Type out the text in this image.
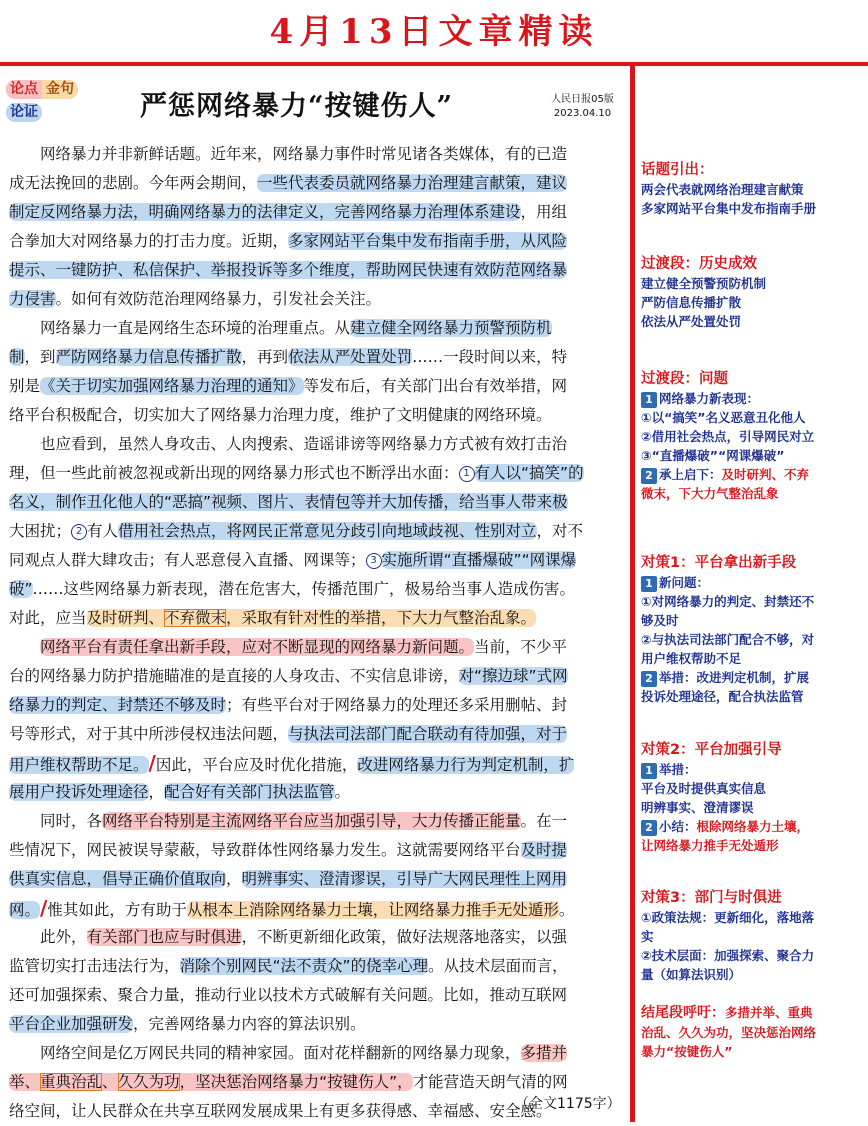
4月13日文章精读
论点 金句
论证	严惩网络暴力“按键伤人”	人民日报05版
2023.04.10
网络暴力并非新鲜话题。近年来，网络暴力事件时常见诸各类媒体，有的已造
成无法挽回的悲剧。今年两会期间，一些代表委员就网络暴力治理建言献策，建议
制定反网络暴力法，明确网络暴力的法律定义，完善网络暴力治理体系建设，用组
合拳加大对网络暴力的打击力度。近期，多家网站平台集中发布指南手册，从风险
提示、一键防护、私信保护、举报投诉等多个维度，帮助网民快速有效防范网络暴
力侵害。如何有效防范治理网络暴力，引发社会关注。
网络暴力一直是网络生态环境的治理重点。从建立健全网络暴力预警预防机
制，到严防网络暴力信息传播扩散，再到依法从严处置处罚……一段时间以来，特
别是《关于切实加强网络暴力治理的通知》等发布后，有关部门出台有效举措，网
络平台积极配合，切实加大了网络暴力治理力度，维护了文明健康的网络环境。
也应看到，虽然人身攻击、人肉搜索、造谣诽谤等网络暴力方式被有效打击治
理，但一些此前被忽视或新出现的网络暴力形式也不断浮出水面： 1 有人以“搞笑”的
名义，制作丑化他人的“恶搞”视频、图片、表情包等并大加传播，给当事人带来极
大困扰； 2 有人借用社会热点，将网民正常意见分歧引向地域歧视、性别对立，对不
同观点人群大肆攻击；有人恶意侵入直播、网课等； 3 实施所谓“直播爆破”“网课爆
破”……这些网络暴力新表现，潜在危害大，传播范围广，极易给当事人造成伤害。
对此，应当及时研判、不弃微末，采取有针对性的举措，下大力气整治乱象。
网络平台有责任拿出新手段，应对不断显现的网络暴力新问题。当前，不少平
台的网络暴力防护措施瞄准的是直接的人身攻击、不实信息诽谤，对“擦边球”式网
络暴力的判定、封禁还不够及时；有些平台对于网络暴力的处理还多采用删帖、封
号等形式，对于其中所涉侵权违法问题，与执法司法部门配合联动有待加强，对于
用户维权帮助不足。/因此，平台应及时优化措施，改进网络暴力行为判定机制，扩
展用户投诉处理途径，配合好有关部门执法监管。
同时，各网络平台特别是主流网络平台应当加强引导，大力传播正能量。在一
些情况下，网民被误导蒙蔽，导致群体性网络暴力发生。这就需要网络平台及时提
供真实信息，倡导正确价值取向，明辨事实、澄清谬误，引导广大网民理性上网用
网。/惟其如此，方有助于从根本上消除网络暴力土壤，让网络暴力推手无处遁形。
此外，有关部门也应与时俱进，不断更新细化政策，做好法规落地落实，以强
监管切实打击违法行为，消除个别网民“法不责众”的侥幸心理。从技术层面而言，
还可加强探索、聚合力量，推动行业以技术方式破解有关问题。比如，推动互联网
平台企业加强研发，完善网络暴力内容的算法识别。
网络空间是亿万网民共同的精神家园。面对花样翻新的网络暴力现象，多措并
举、重典治乱、久久为功，坚决惩治网络暴力“按键伤人”，才能营造天朗气清的网
络空间，让人民群众在共享互联网发展成果上有更多获得感、幸福感、安全感。
（全文1175字）
话题引出：
两会代表就网络治理建言献策
多家网站平台集中发布指南手册
过渡段：历史成效
建立健全预警预防机制
严防信息传播扩散
依法从严处置处罚
过渡段：问题
1 网络暴力新表现：
①以“搞笑”名义恶意丑化他人
②借用社会热点，引导网民对立
③“直播爆破”“网课爆破”
2 承上启下：及时研判、不弃
微末，下大力气整治乱象
对策1：平台拿出新手段
1 新问题：
①对网络暴力的判定、封禁还不
够及时
②与执法司法部门配合不够，对
用户维权帮助不足
2 举措：改进判定机制，扩展
投诉处理途径，配合执法监管
对策2：平台加强引导
1 举措：
平台及时提供真实信息
明辨事实、澄清谬误
2 小结：根除网络暴力土壤，
让网络暴力推手无处遁形
对策3：部门与时俱进
①政策法规：更新细化，落地落
实
②技术层面：加强探索、聚合力
量（如算法识别）
结尾段呼吁：多措并举、重典
治乱、久久为功，坚决惩治网络
暴力“按键伤人”
